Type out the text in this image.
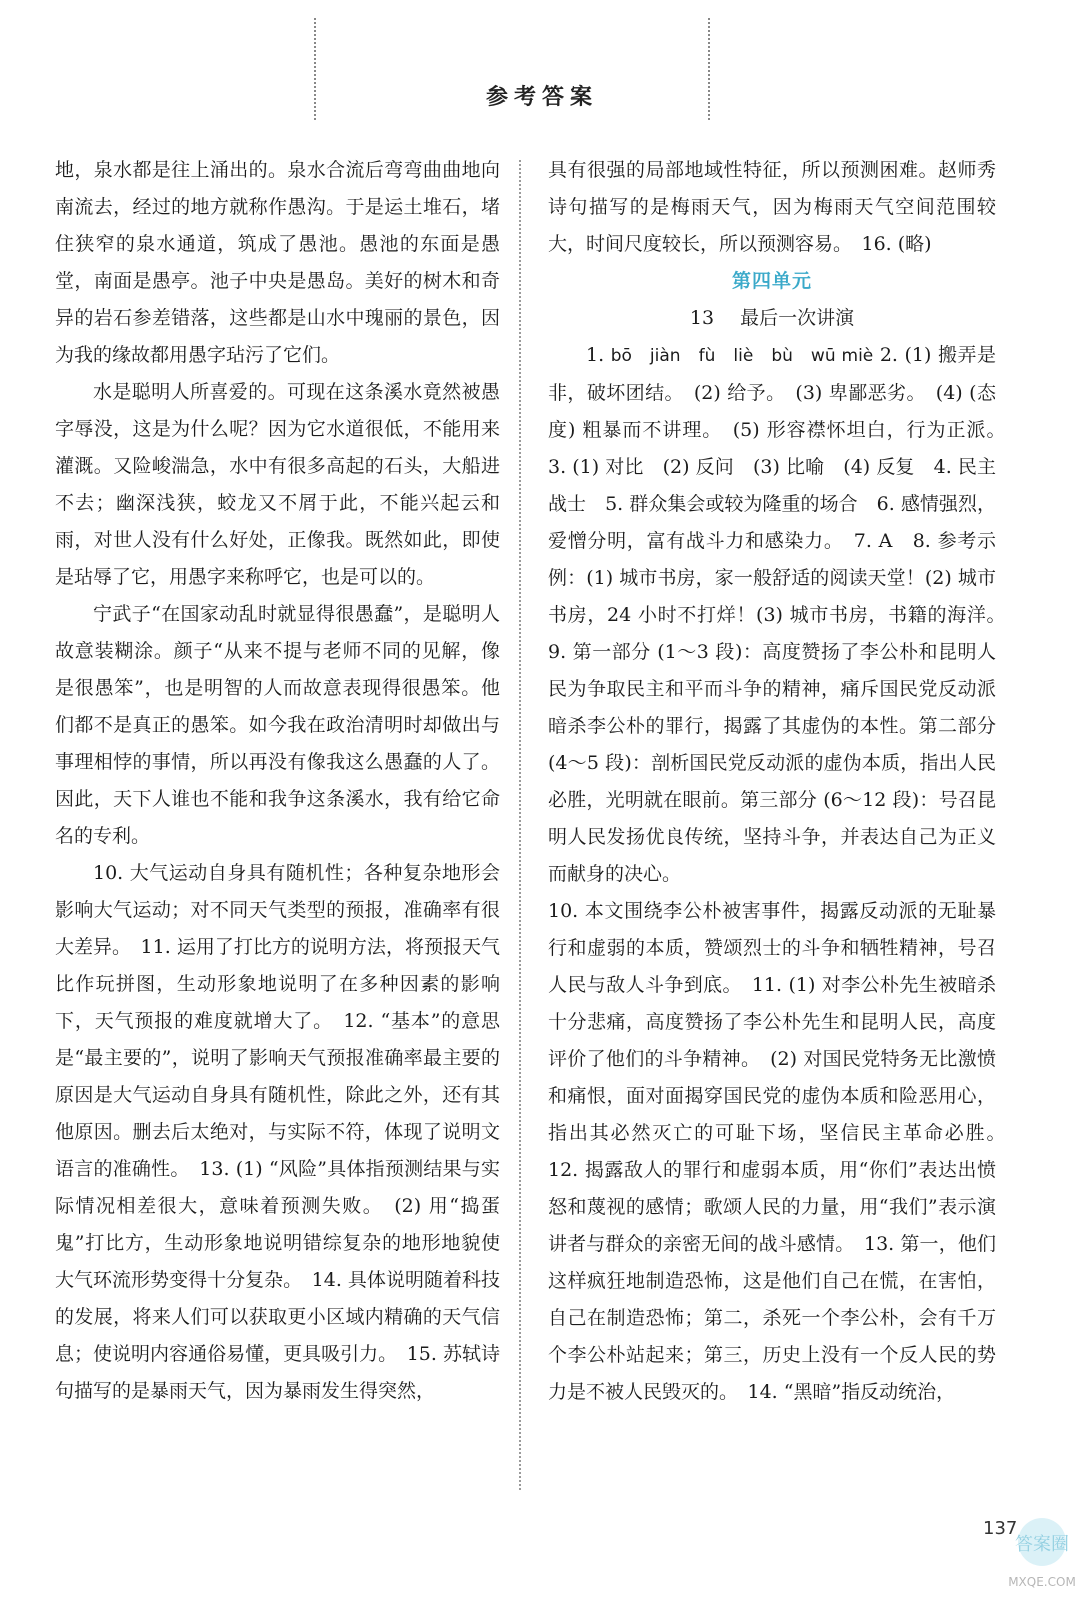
参考答案

地，泉水都是往上涌出的。泉水合流后弯弯曲曲地向南流去，经过的地方就称作愚沟。于是运土堆石，堵住狭窄的泉水通道，筑成了愚池。愚池的东面是愚堂，南面是愚亭。池子中央是愚岛。美好的树木和奇异的岩石参差错落，这些都是山水中瑰丽的景色，因为我的缘故都用愚字玷污了它们。

水是聪明人所喜爱的。可现在这条溪水竟然被愚字辱没，这是为什么呢？因为它水道很低，不能用来灌溉。又险峻湍急，水中有很多高起的石头，大船进不去；幽深浅狭，蛟龙又不屑于此，不能兴起云和雨，对世人没有什么好处，正像我。既然如此，即使是玷辱了它，用愚字来称呼它，也是可以的。

宁武子“在国家动乱时就显得很愚蠢”，是聪明人故意装糊涂。颜子“从来不提与老师不同的见解，像是很愚笨”，也是明智的人而故意表现得很愚笨。他们都不是真正的愚笨。如今我在政治清明时却做出与事理相悖的事情，所以再没有像我这么愚蠢的人了。因此，天下人谁也不能和我争这条溪水，我有给它命名的专利。

10. 大气运动自身具有随机性；各种复杂地形会影响大气运动；对不同天气类型的预报，准确率有很大差异。　11. 运用了打比方的说明方法，将预报天气比作玩拼图，生动形象地说明了在多种因素的影响下，天气预报的难度就增大了。　12. “基本”的意思是“最主要的”，说明了影响天气预报准确率最主要的原因是大气运动自身具有随机性，除此之外，还有其他原因。删去后太绝对，与实际不符，体现了说明文语言的准确性。　13. (1) “风险”具体指预测结果与实际情况相差很大，意味着预测失败。　(2) 用“捣蛋鬼”打比方，生动形象地说明错综复杂的地形地貌使大气环流形势变得十分复杂。　14. 具体说明随着科技的发展，将来人们可以获取更小区域内精确的天气信息；使说明内容通俗易懂，更具吸引力。　15. 苏轼诗句描写的是暴雨天气，因为暴雨发生得突然，

具有很强的局部地域性特征，所以预测困难。赵师秀诗句描写的是梅雨天气，因为梅雨天气空间范围较大，时间尺度较长，所以预测容易。　16. (略)

第四单元

13 最后一次讲演

1. bō　jiàn　fù　liè　bù　wū miè 2. (1) 搬弄是非，破坏团结。　(2) 给予。　(3) 卑鄙恶劣。　(4) (态度) 粗暴而不讲理。　(5) 形容襟怀坦白，行为正派。　3. (1) 对比　(2) 反问　(3) 比喻　(4) 反复　4. 民主战士　5. 群众集会或较为隆重的场合　6. 感情强烈，爱憎分明，富有战斗力和感染力。　7. A　8. 参考示例：(1) 城市书房，家一般舒适的阅读天堂！(2) 城市书房，24 小时不打烊！(3) 城市书房，书籍的海洋。　9. 第一部分 (1～3 段)：高度赞扬了李公朴和昆明人民为争取民主和平而斗争的精神，痛斥国民党反动派暗杀李公朴的罪行，揭露了其虚伪的本性。第二部分 (4～5 段)：剖析国民党反动派的虚伪本质，指出人民必胜，光明就在眼前。第三部分 (6～12 段)：号召昆明人民发扬优良传统，坚持斗争，并表达自己为正义而献身的决心。

10. 本文围绕李公朴被害事件，揭露反动派的无耻暴行和虚弱的本质，赞颂烈士的斗争和牺牲精神，号召人民与敌人斗争到底。　11. (1) 对李公朴先生被暗杀十分悲痛，高度赞扬了李公朴先生和昆明人民，高度评价了他们的斗争精神。　(2) 对国民党特务无比激愤和痛恨，面对面揭穿国民党的虚伪本质和险恶用心，指出其必然灭亡的可耻下场，坚信民主革命必胜。　12. 揭露敌人的罪行和虚弱本质，用“你们”表达出愤怒和蔑视的感情；歌颂人民的力量，用“我们”表示演讲者与群众的亲密无间的战斗感情。　13. 第一，他们这样疯狂地制造恐怖，这是他们自己在慌，在害怕，自己在制造恐怖；第二，杀死一个李公朴，会有千万个李公朴站起来；第三，历史上没有一个反人民的势力是不被人民毁灭的。　14. “黑暗”指反动统治，

137
答案圈
MXQE.COM
